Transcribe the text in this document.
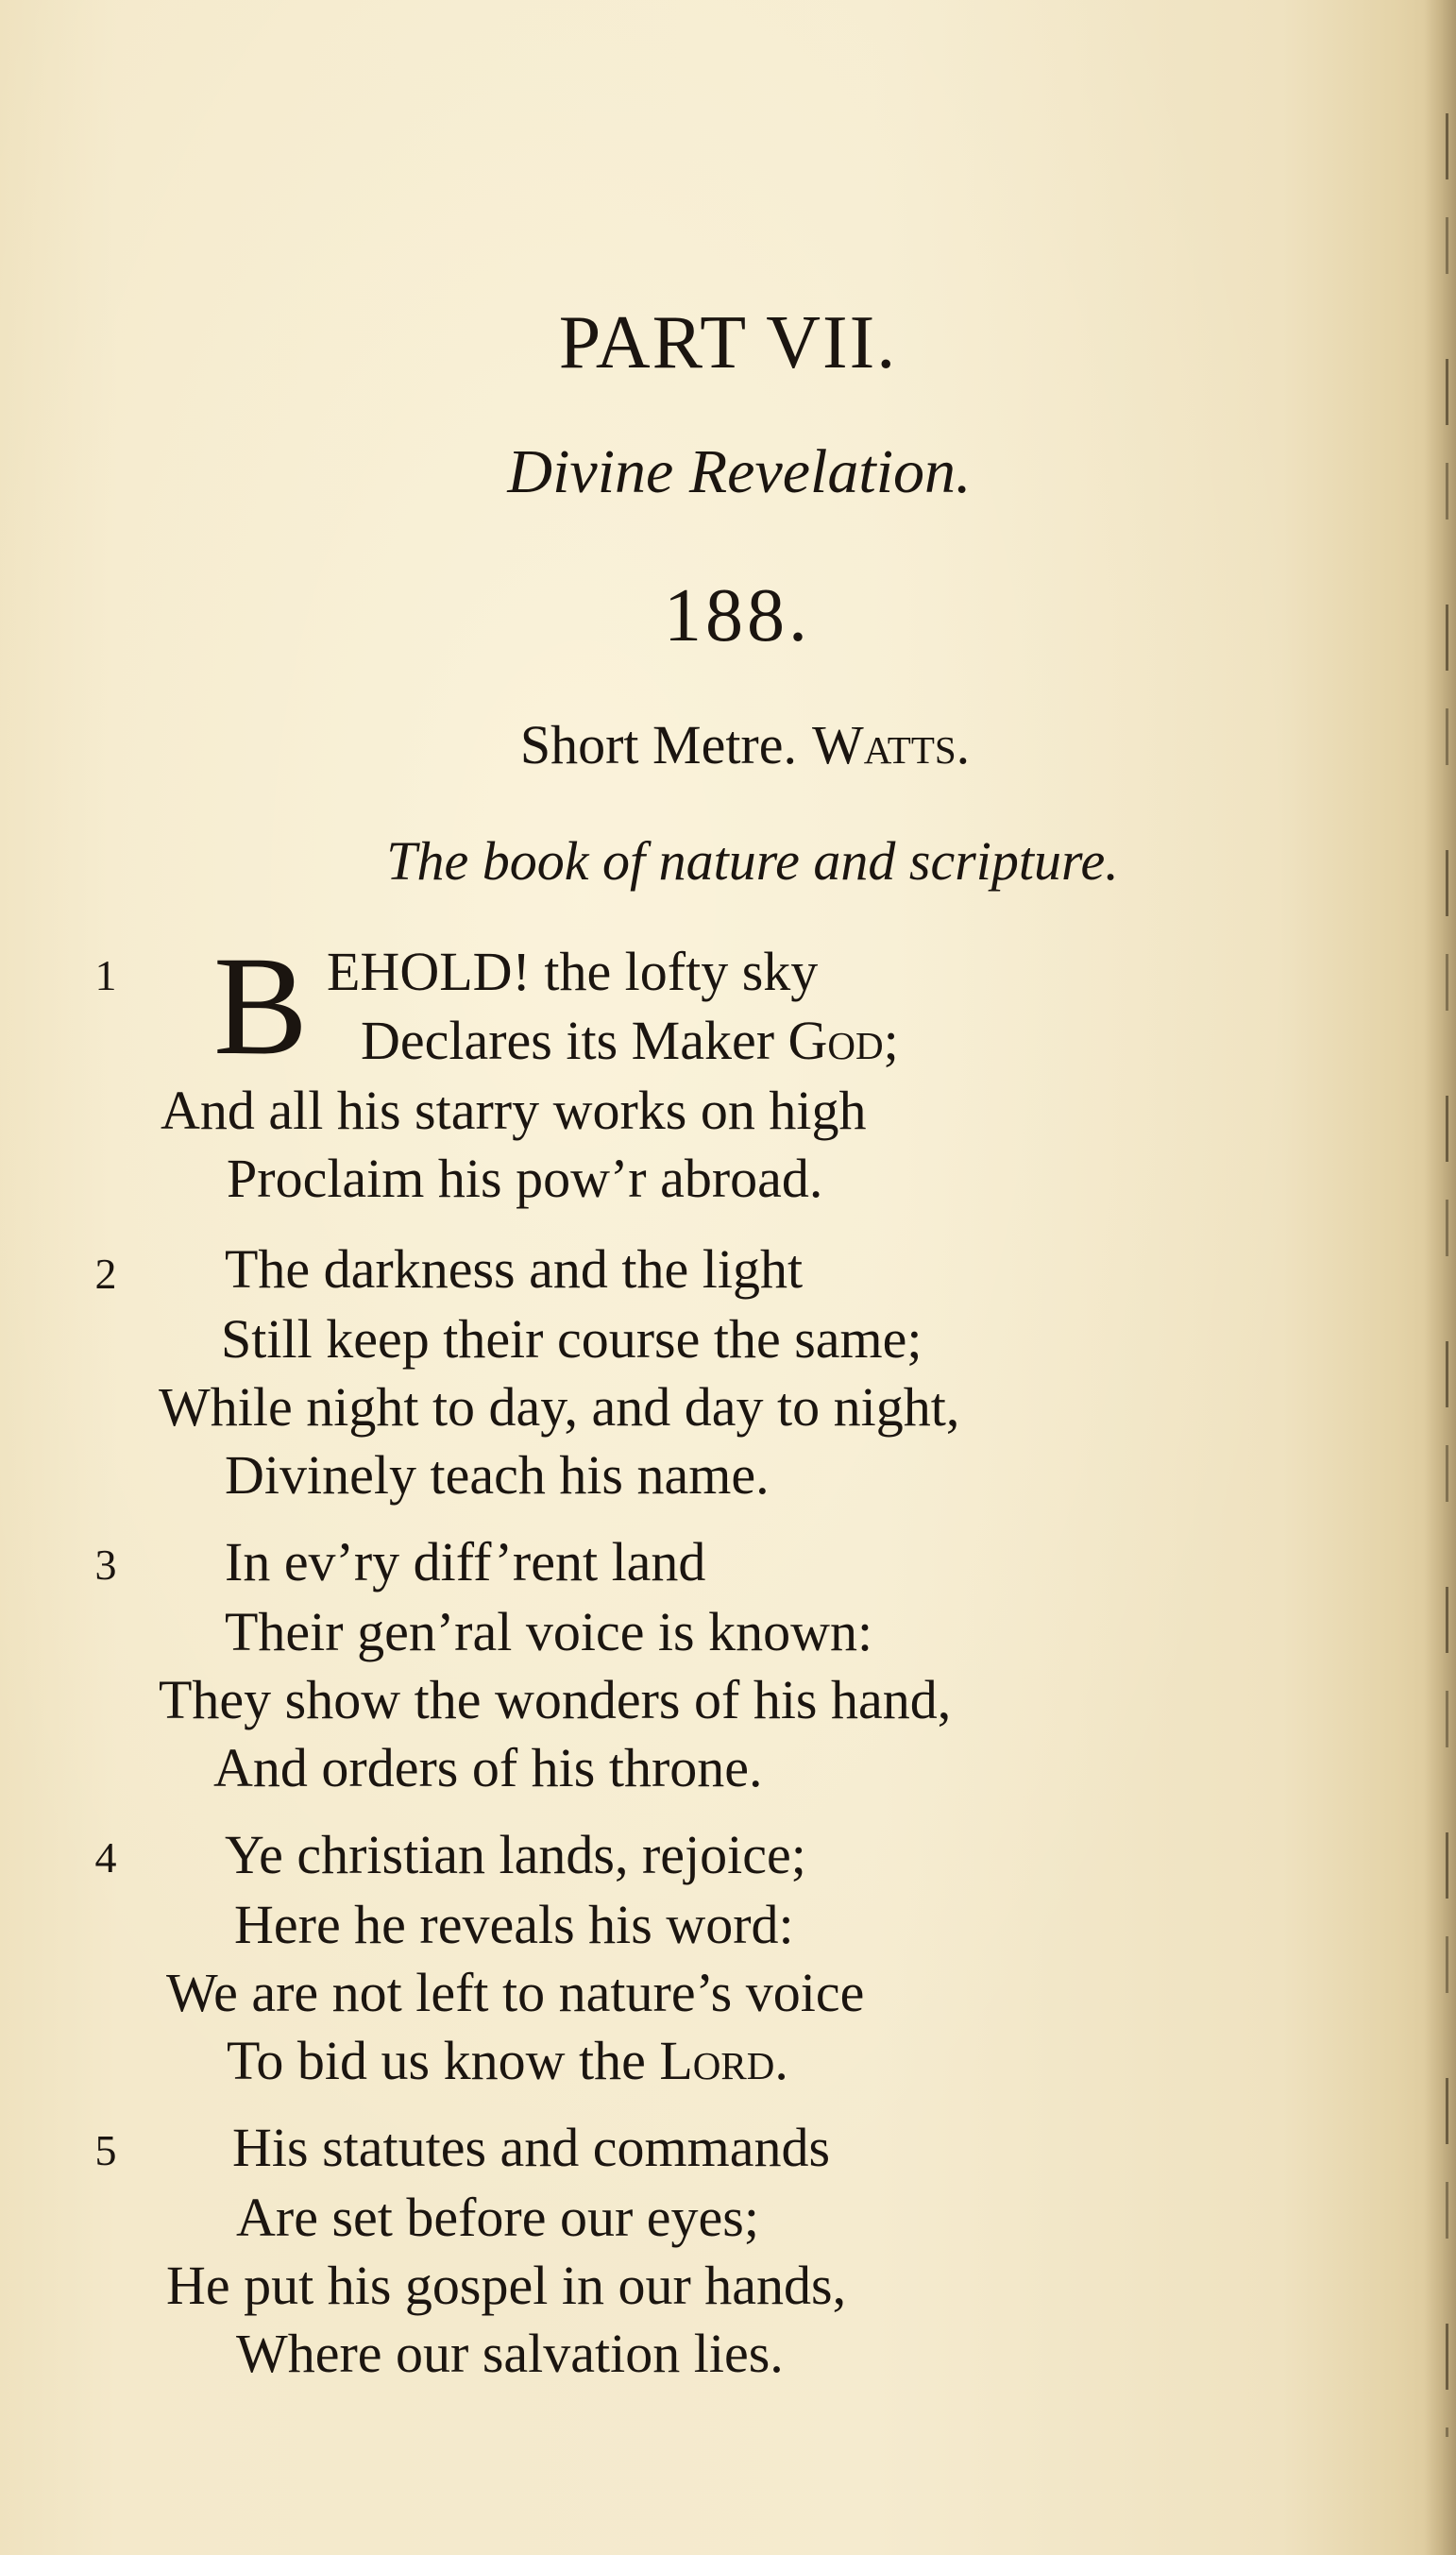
PART VII.
Divine Revelation.
188.
Short Metre. Watts.
The book of nature and scripture.
1 B EHOLD! the lofty sky
Declares its Maker God;
And all his starry works on high
Proclaim his pow’r abroad.
2 The darkness and the light
Still keep their course the same;
While night to day, and day to night,
Divinely teach his name.
3 In ev’ry diff’rent land
Their gen’ral voice is known:
They show the wonders of his hand,
And orders of his throne.
4 Ye christian lands, rejoice;
Here he reveals his word:
We are not left to nature’s voice
To bid us know the Lord.
5 His statutes and commands
Are set before our eyes;
He put his gospel in our hands,
Where our salvation lies.
